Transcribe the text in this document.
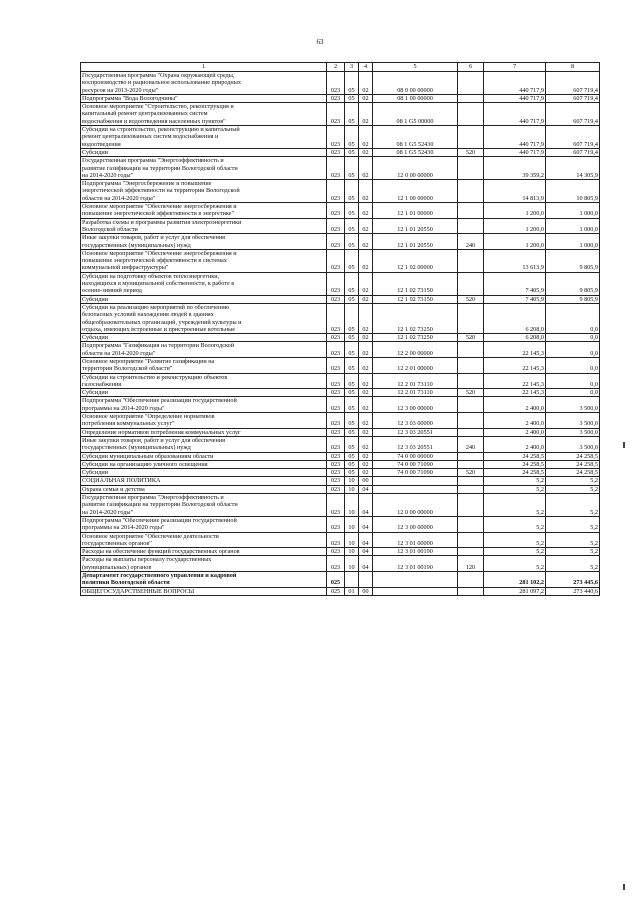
63
1	2	3	4	5	6	7	8
Государственная программа "Охрана окружающей среды,
воспроизводство и рациональное использование природных
ресурсов на 2013-2020 годы"	023	05	02	08 0 00 00000		440 717,9	607 719,4
Подпрограмма "Вода Вологодчины"	023	05	02	08 1 00 00000		440 717,9	607 719,4
Основное мероприятие "Строительство, реконструкция и
капитальный ремонт централизованных систем
водоснабжения и водоотведения населенных пунктов"	023	05	02	08 1 G5 00000		440 717,9	607 719,4
Субсидии на строительство, реконструкцию и капитальный
ремонт централизованных систем водоснабжения и
водоотведения	023	05	02	08 1 G5 52430		440 717,9	607 719,4
Субсидии	023	05	02	08 1 G5 52430	520	440 717,9	607 719,4
Государственная программа "Энергоэффективность и
развитие газификации на территории Вологодской области
на 2014-2020 годы"	023	05	02	12 0 00 00000		39 359,2	14 305,9
Подпрограмма "Энергосбережение и повышение
энергетической эффективности на территории Вологодской
области на 2014-2020 годы"	023	05	02	12 1 00 00000		14 813,9	10 805,9
Основное мероприятие "Обеспечение энергосбережения и
повышение энергетической эффективности в энергетике"	023	05	02	12 1 01 00000		1 200,0	1 000,0
Разработка схемы и программы развития электроэнергетики
Вологодской области	023	05	02	12 1 01 20550		1 200,0	1 000,0
Иные закупки товаров, работ и услуг для обеспечения
государственных (муниципальных) нужд	023	05	02	12 1 01 20550	240	1 200,0	1 000,0
Основное мероприятие "Обеспечение энергосбережения и
повышение энергетической эффективности в системах
коммунальной инфраструктуры"	023	05	02	12 1 02 00000		13 613,9	9 805,9
Субсидии на подготовку объектов теплоэнергетики,
находящихся в муниципальной собственности, к работе в
осенне-зимний период	023	05	02	12 1 02 73150		7 405,9	9 805,9
Субсидии	023	05	02	12 1 02 73150	520	7 405,9	9 805,9
Субсидии на реализацию мероприятий по обеспечению
безопасных условий нахождения людей в зданиях
общеобразовательных организаций, учреждений культуры и
отдыха, имеющих встроенные и пристроенные котельные	023	05	02	12 1 02 73250		6 208,0	0,0
Субсидии	023	05	02	12 1 02 73250	520	6 208,0	0,0
Подпрограмма "Газификация на территории Вологодской
области на 2014-2020 годы"	023	05	02	12 2 00 00000		22 145,3	0,0
Основное мероприятие "Развитие газификации на
территории Вологодской области"	023	05	02	12 2 01 00000		22 145,3	0,0
Субсидии на строительство и реконструкцию объектов
газоснабжения	023	05	02	12 2 01 73110		22 145,3	0,0
Субсидии	023	05	02	12 2 01 73110	520	22 145,3	0,0
Подпрограмма "Обеспечение реализации государственной
программы на 2014-2020 годы"	023	05	02	12 3 00 00000		2 400,0	3 500,0
Основное мероприятие "Определение нормативов
потребления коммунальных услуг"	023	05	02	12 3 03 00000		2 400,0	3 500,0
Определение нормативов потребления коммунальных услуг	023	05	02	12 3 03 20551		2 400,0	3 500,0
Иные закупки товаров, работ и услуг для обеспечения
государственных (муниципальных) нужд	023	05	02	12 3 03 20551	240	2 400,0	3 500,0
Субсидии муниципальным образованиям области	023	05	02	74 0 00 00000		24 258,5	24 258,5
Субсидии на организацию уличного освещения	023	05	02	74 0 00 71090		24 258,5	24 258,5
Субсидии	023	05	02	74 0 00 71090	520	24 258,5	24 258,5
СОЦИАЛЬНАЯ ПОЛИТИКА	023	10	00			5,2	5,2
Охрана семьи и детства	023	10	04			5,2	5,2
Государственная программа "Энергоэффективность и
развитие газификации на территории Вологодской области
на 2014-2020 годы"	023	10	04	12 0 00 00000		5,2	5,2
Подпрограмма "Обеспечение реализации государственной
программы на 2014-2020 годы"	023	10	04	12 3 00 00000		5,2	5,2
Основное мероприятие "Обеспечение деятельности
государственных органов"	023	10	04	12 3 01 00000		5,2	5,2
Расходы на обеспечение функций государственных органов	023	10	04	12 3 01 00190		5,2	5,2
Расходы на выплаты персоналу государственных
(муниципальных) органов	023	10	04	12 3 01 00190	120	5,2	5,2
Департамент государственного управления и кадровой
политики Вологодской области	025					281 102,2	273 445,6
ОБЩЕГОСУДАРСТВЕННЫЕ ВОПРОСЫ	025	01	00			281 097,2	273 440,6
